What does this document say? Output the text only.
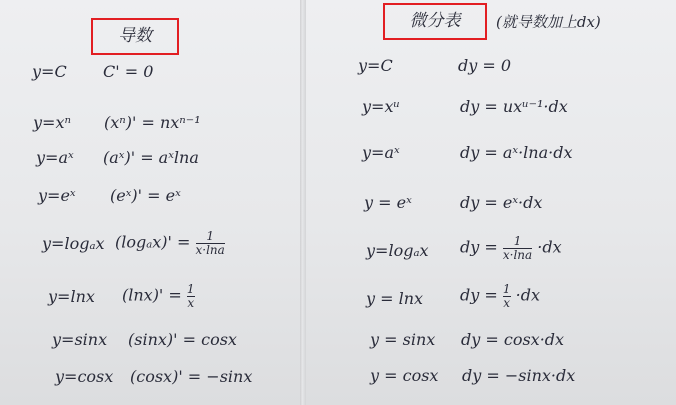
导数
y=C C' = 0
y=xⁿ (xⁿ)' = nxⁿ⁻¹
y=aˣ (aˣ)' = aˣlna
y=eˣ (eˣ)' = eˣ
y=logₐx $(\log_ax)' = \frac{1}{x\cdot\ln a}$
y=lnx $(\ln x)' = \frac{1}{x}$
y=sinx (sinx)' = cosx
y=cosx (cosx)' = −sinx
微分表 (就导数加上dx)
y=C	dy = 0
y=xᵘ	dy = uxᵘ⁻¹·dx
y=aˣ	dy = aˣ·lna·dx
y = eˣ	dy = eˣ·dx
y=logₐx dy = $\frac{1}{x\cdot\ln a} \cdot dx$
y = lnx dy = $\frac{1}{x} \cdot dx$
y = sinx dy = cosx·dx
y = cosx dy = −sinx·dx
